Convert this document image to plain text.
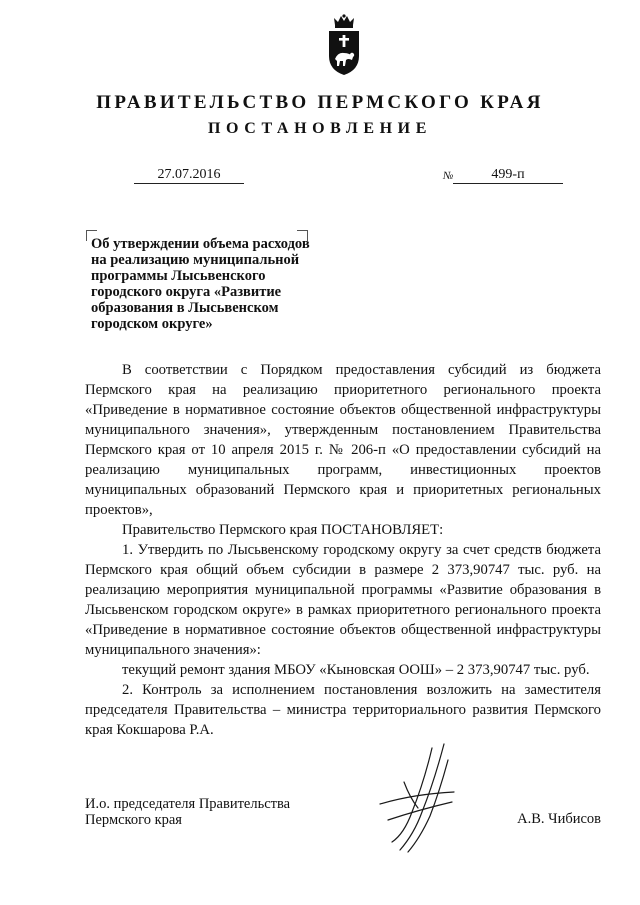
ПРАВИТЕЛЬСТВО ПЕРМСКОГО КРАЯ
ПОСТАНОВЛЕНИЕ
27.07.2016	№	499-п
Об утверждении объема расходов на реализацию муниципальной программы Лысьвенского городского округа «Развитие образования в Лысьвенском городском округе»

В соответствии с Порядком предоставления субсидий из бюджета Пермского края на реализацию приоритетного регионального проекта «Приведение в нормативное состояние объектов общественной инфраструктуры муниципального значения», утвержденным постановлением Правительства Пермского края от 10 апреля 2015 г. № 206-п «О предоставлении субсидий на реализацию муниципальных программ, инвестиционных проектов муниципальных образований Пермского края и приоритетных региональных проектов»,

Правительство Пермского края ПОСТАНОВЛЯЕТ:

1. Утвердить по Лысьвенскому городскому округу за счет средств бюджета Пермского края общий объем субсидии в размере 2 373,90747 тыс. руб. на реализацию мероприятия муниципальной программы «Развитие образования в Лысьвенском городском округе» в рамках приоритетного регионального проекта «Приведение в нормативное состояние объектов общественной инфраструктуры муниципального значения»:

текущий ремонт здания МБОУ «Кыновская ООШ» – 2 373,90747 тыс. руб.

2. Контроль за исполнением постановления возложить на заместителя председателя Правительства – министра территориального развития Пермского края Кокшарова Р.А.

И.о. председателя Правительства
Пермского края	А.В. Чибисов
